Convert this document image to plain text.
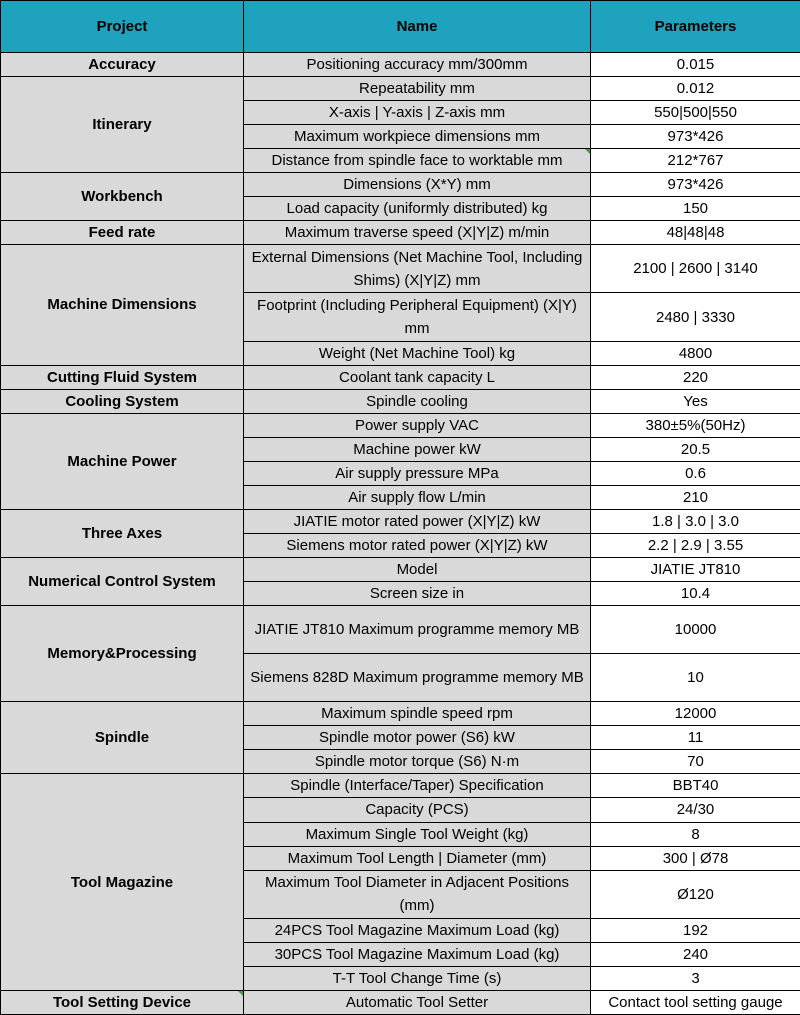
Project	Name	Parameters
Accuracy	Positioning accuracy mm/300mm	0.015
Itinerary	Repeatability mm	0.012
	X-axis | Y-axis | Z-axis mm	550|500|550
	Maximum workpiece dimensions mm	973*426
	Distance from spindle face to worktable mm	212*767
Workbench	Dimensions (X*Y) mm	973*426
	Load capacity (uniformly distributed) kg	150
Feed rate	Maximum traverse speed (X|Y|Z) m/min	48|48|48
Machine Dimensions	External Dimensions (Net Machine Tool, Including Shims) (X|Y|Z) mm	2100 | 2600 | 3140
	Footprint (Including Peripheral Equipment) (X|Y) mm	2480 | 3330
	Weight (Net Machine Tool) kg	4800
Cutting Fluid System	Coolant tank capacity L	220
Cooling System	Spindle cooling	Yes
Machine Power	Power supply VAC	380±5%(50Hz)
	Machine power kW	20.5
	Air supply pressure MPa	0.6
	Air supply flow L/min	210
Three Axes	JIATIE motor rated power (X|Y|Z) kW	1.8 | 3.0 | 3.0
	Siemens motor rated power (X|Y|Z) kW	2.2 | 2.9 | 3.55
Numerical Control System	Model	JIATIE JT810
	Screen size in	10.4
Memory&Processing	JIATIE JT810 Maximum programme memory MB	10000
	Siemens 828D Maximum programme memory MB	10
Spindle	Maximum spindle speed rpm	12000
	Spindle motor power (S6) kW	11
	Spindle motor torque (S6) N·m	70
Tool Magazine	Spindle (Interface/Taper) Specification	BBT40
	Capacity (PCS)	24/30
	Maximum Single Tool Weight (kg)	8
	Maximum Tool Length | Diameter (mm)	300 | Ø78
	Maximum Tool Diameter in Adjacent Positions (mm)	Ø120
	24PCS Tool Magazine Maximum Load (kg)	192
	30PCS Tool Magazine Maximum Load (kg)	240
	T-T Tool Change Time (s)	3
Tool Setting Device	Automatic Tool Setter	Contact tool setting gauge
